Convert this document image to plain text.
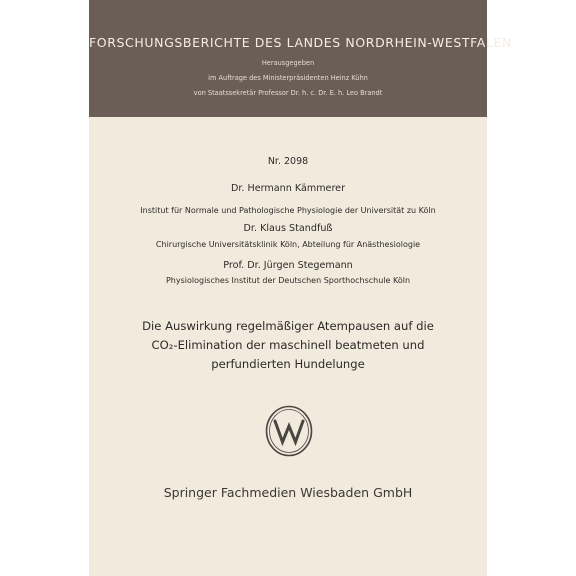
FORSCHUNGSBERICHTE DES LANDES NORDRHEIN-WESTFALEN
Herausgegeben
im Auftrage des Ministerpräsidenten Heinz Kühn
von Staatssekretär Professor Dr. h. c. Dr. E. h. Leo Brandt
Nr. 2098
Dr. Hermann Kämmerer
Institut für Normale und Pathologische Physiologie der Universität zu Köln
Dr. Klaus Standfuß
Chirurgische Universitätsklinik Köln, Abteilung für Anästhesiologie
Prof. Dr. Jürgen Stegemann
Physiologisches Institut der Deutschen Sporthochschule Köln
Die Auswirkung regelmäßiger Atempausen auf die
CO₂-Elimination der maschinell beatmeten und
perfundierten Hundelunge
Springer Fachmedien Wiesbaden GmbH
